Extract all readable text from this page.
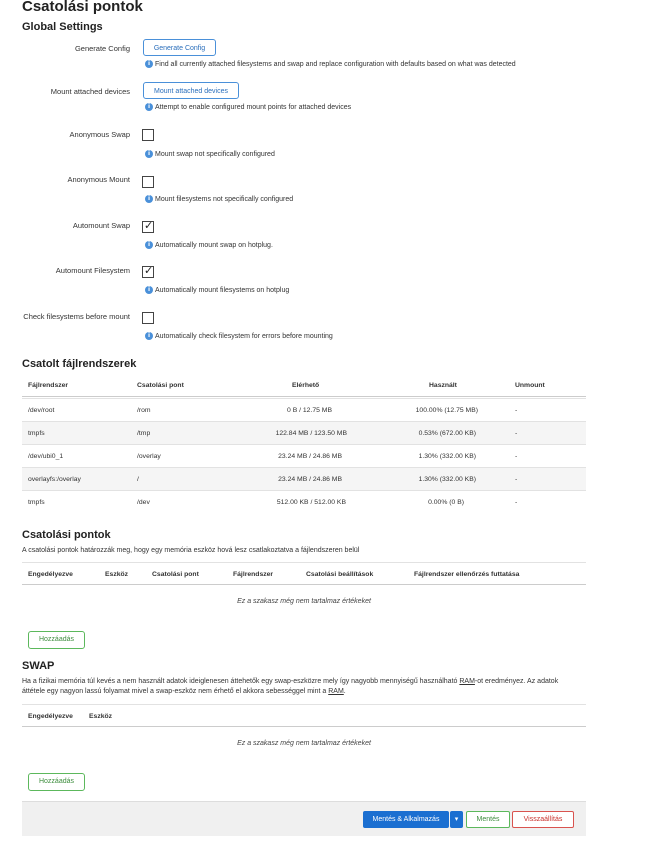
Csatolási pontok
Global Settings
Generate Config	Generate Config
i Find all currently attached filesystems and swap and replace configuration with defaults based on what was detected
Mount attached devices	Mount attached devices
i Attempt to enable configured mount points for attached devices
Anonymous Swap
i Mount swap not specifically configured
Anonymous Mount
i Mount filesystems not specifically configured
Automount Swap ✓
i Automatically mount swap on hotplug.
Automount Filesystem ✓
i Automatically mount filesystems on hotplug
Check filesystems before mount
i Automatically check filesystem for errors before mounting
Csatolt fájlrendszerek
Fájlrendszer	Csatolási pont	Elérhető	Használt	Unmount
/dev/root	/rom	0 B / 12.75 MB	100.00% (12.75 MB)	-
tmpfs	/tmp	122.84 MB / 123.50 MB	0.53% (672.00 KB)	-
/dev/ubi0_1	/overlay	23.24 MB / 24.86 MB	1.30% (332.00 KB)	-
overlayfs:/overlay	/	23.24 MB / 24.86 MB	1.30% (332.00 KB)	-
tmpfs	/dev	512.00 KB / 512.00 KB	0.00% (0 B)	-
Csatolási pontok
A csatolási pontok határozzák meg, hogy egy memória eszköz hová lesz csatlakoztatva a fájlendszeren belül
Engedélyezve	Eszköz	Csatolási pont	Fájlrendszer	Csatolási beállítások	Fájlrendszer ellenőrzés futtatása
Ez a szakasz még nem tartalmaz értékeket
Hozzáadás
SWAP
Ha a fizikai memória túl kevés a nem használt adatok ideiglenesen áttehetők egy swap-eszközre mely így nagyobb mennyiségű használható RAM-ot eredményez. Az adatok áttétele egy nagyon lassú folyamat mivel a swap-eszköz nem érhető el akkora sebességgel mint a RAM.
Engedélyezve Eszköz
Ez a szakasz még nem tartalmaz értékeket
Hozzáadás
Mentés & Alkalmazás	▾	Mentés	Visszaállítás
